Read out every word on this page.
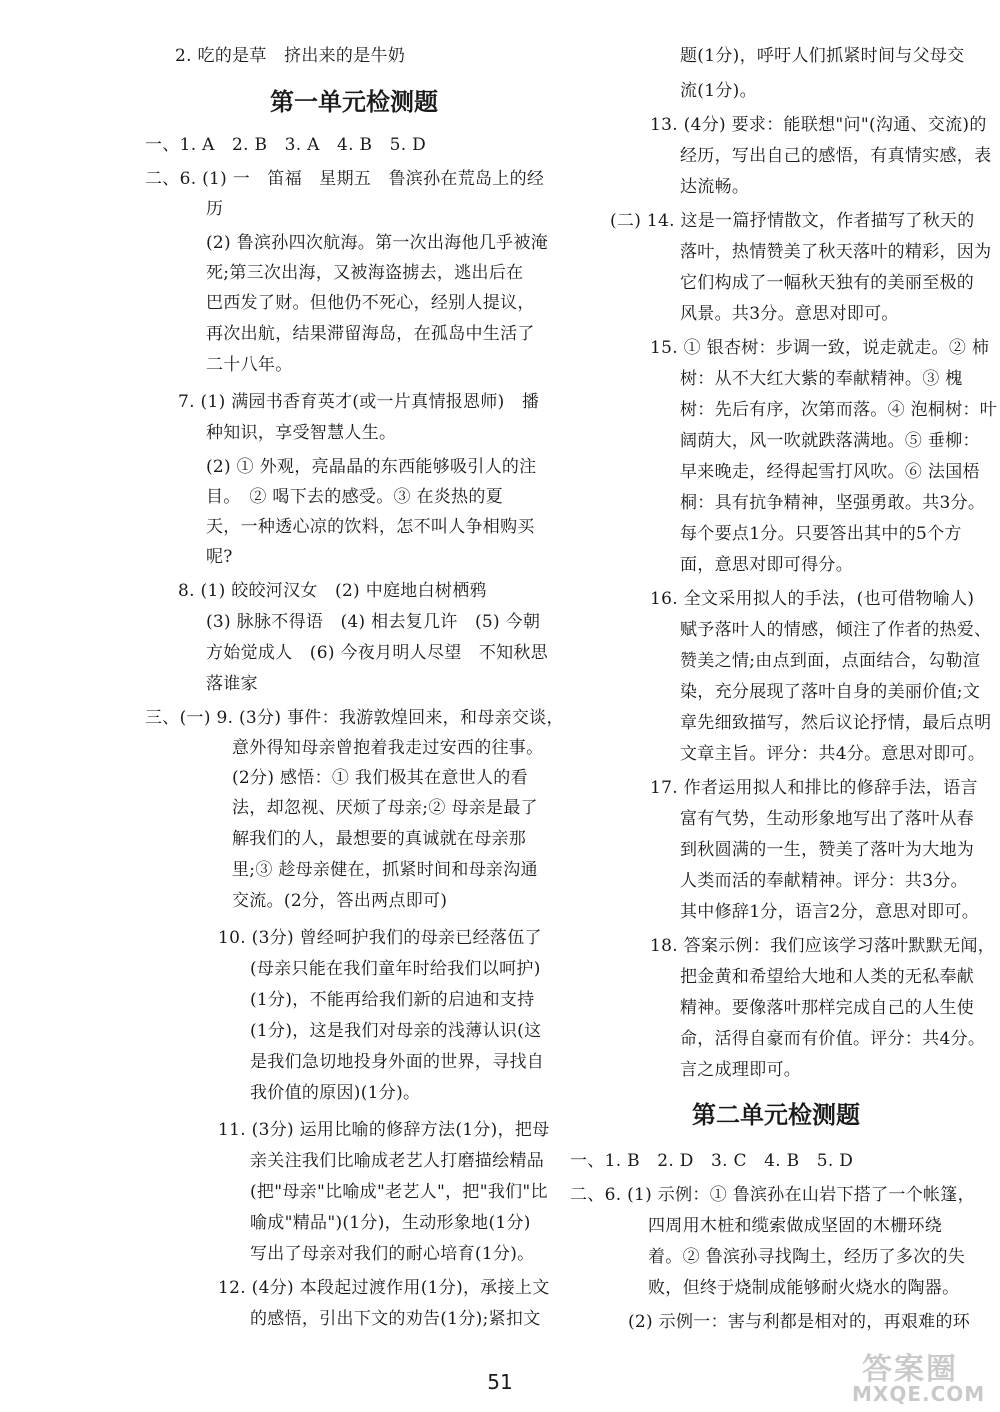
2. 吃的是草　挤出来的是牛奶
第一单元检测题
一、1. A　2. B　3. A　4. B　5. D
二、6. (1) 一　笛福　星期五　鲁滨孙在荒岛上的经
历
(2) 鲁滨孙四次航海。第一次出海他几乎被淹
死;第三次出海，又被海盗掳去，逃出后在
巴西发了财。但他仍不死心，经别人提议，
再次出航，结果滞留海岛，在孤岛中生活了
二十八年。
7. (1) 满园书香育英才(或一片真情报恩师)　播
种知识，享受智慧人生。
(2) ① 外观，亮晶晶的东西能够吸引人的注
目。　② 喝下去的感受。③ 在炎热的夏
天，一种透心凉的饮料，怎不叫人争相购买
呢?
8. (1) 皎皎河汉女　(2) 中庭地白树栖鸦
(3) 脉脉不得语　(4) 相去复几许　(5) 今朝
方始觉成人　(6) 今夜月明人尽望　不知秋思
落谁家
三、(一) 9. (3分) 事件：我游敦煌回来，和母亲交谈，
意外得知母亲曾抱着我走过安西的往事。
(2分) 感悟：① 我们极其在意世人的看
法，却忽视、厌烦了母亲;② 母亲是最了
解我们的人，最想要的真诚就在母亲那
里;③ 趁母亲健在，抓紧时间和母亲沟通
交流。(2分，答出两点即可)
10. (3分) 曾经呵护我们的母亲已经落伍了
(母亲只能在我们童年时给我们以呵护)
(1分)，不能再给我们新的启迪和支持
(1分)，这是我们对母亲的浅薄认识(这
是我们急切地投身外面的世界，寻找自
我价值的原因)(1分)。
11. (3分) 运用比喻的修辞方法(1分)，把母
亲关注我们比喻成老艺人打磨描绘精品
(把"母亲"比喻成"老艺人"，把"我们"比
喻成"精品")(1分)，生动形象地(1分)
写出了母亲对我们的耐心培育(1分)。
12. (4分) 本段起过渡作用(1分)，承接上文
的感悟，引出下文的劝告(1分);紧扣文
题(1分)，呼吁人们抓紧时间与父母交
流(1分)。
13. (4分) 要求：能联想"问"(沟通、交流)的
经历，写出自己的感悟，有真情实感，表
达流畅。
(二) 14. 这是一篇抒情散文，作者描写了秋天的
落叶，热情赞美了秋天落叶的精彩，因为
它们构成了一幅秋天独有的美丽至极的
风景。共3分。意思对即可。
15. ① 银杏树：步调一致，说走就走。② 柿
树：从不大红大紫的奉献精神。③ 槐
树：先后有序，次第而落。④ 泡桐树：叶
阔荫大，风一吹就跌落满地。⑤ 垂柳：
早来晚走，经得起雪打风吹。⑥ 法国梧
桐：具有抗争精神，坚强勇敢。共3分。
每个要点1分。只要答出其中的5个方
面，意思对即可得分。
16. 全文采用拟人的手法，(也可借物喻人)
赋予落叶人的情感，倾注了作者的热爱、
赞美之情;由点到面，点面结合，勾勒渲
染，充分展现了落叶自身的美丽价值;文
章先细致描写，然后议论抒情，最后点明
文章主旨。评分：共4分。意思对即可。
17. 作者运用拟人和排比的修辞手法，语言
富有气势，生动形象地写出了落叶从春
到秋圆满的一生，赞美了落叶为大地为
人类而活的奉献精神。评分：共3分。
其中修辞1分，语言2分，意思对即可。
18. 答案示例：我们应该学习落叶默默无闻，
把金黄和希望给大地和人类的无私奉献
精神。要像落叶那样完成自己的人生使
命，活得自豪而有价值。评分：共4分。
言之成理即可。
第二单元检测题
一、1. B　2. D　3. C　4. B　5. D
二、6. (1) 示例：① 鲁滨孙在山岩下搭了一个帐篷，
四周用木桩和缆索做成坚固的木栅环绕
着。② 鲁滨孙寻找陶土，经历了多次的失
败，但终于烧制成能够耐火烧水的陶器。
(2) 示例一：害与利都是相对的，再艰难的环
51	答案圈
MXQE.COM
